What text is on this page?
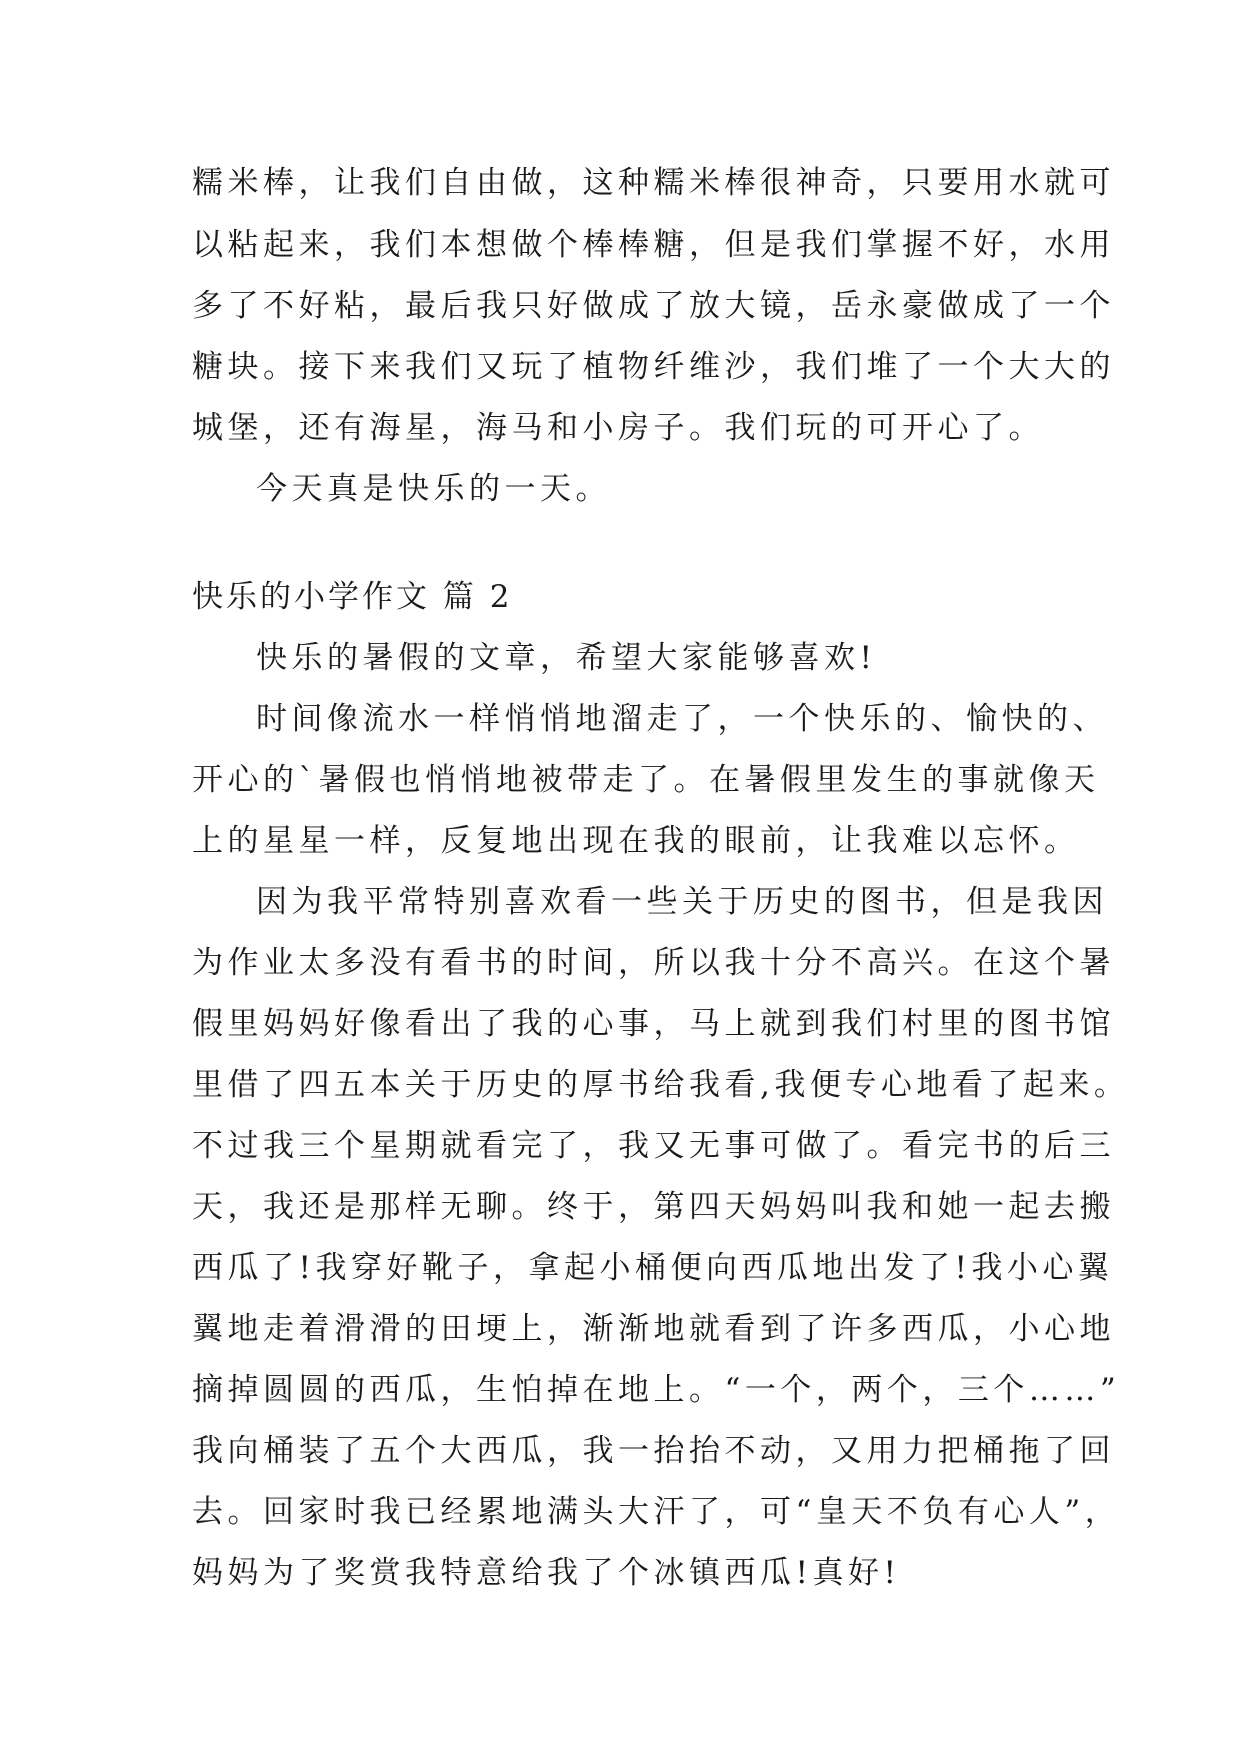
糯米棒，让我们自由做，这种糯米棒很神奇，只要用水就可
以粘起来，我们本想做个棒棒糖，但是我们掌握不好，水用
多了不好粘，最后我只好做成了放大镜，岳永豪做成了一个
糖块。接下来我们又玩了植物纤维沙，我们堆了一个大大的
城堡，还有海星，海马和小房子。我们玩的可开心了。
今天真是快乐的一天。
快乐的小学作文 篇 2
快乐的暑假的文章，希望大家能够喜欢!
时间像流水一样悄悄地溜走了，一个快乐的、愉快的、
开心的`暑假也悄悄地被带走了。在暑假里发生的事就像天
上的星星一样，反复地出现在我的眼前，让我难以忘怀。
因为我平常特别喜欢看一些关于历史的图书，但是我因
为作业太多没有看书的时间，所以我十分不高兴。在这个暑
假里妈妈好像看出了我的心事，马上就到我们村里的图书馆
里借了四五本关于历史的厚书给我看,我便专心地看了起来。
不过我三个星期就看完了，我又无事可做了。看完书的后三
天，我还是那样无聊。终于，第四天妈妈叫我和她一起去搬
西瓜了!我穿好靴子，拿起小桶便向西瓜地出发了!我小心翼
翼地走着滑滑的田埂上，渐渐地就看到了许多西瓜，小心地
摘掉圆圆的西瓜，生怕掉在地上。“一个，两个，三个……”
我向桶装了五个大西瓜，我一抬抬不动，又用力把桶拖了回
去。回家时我已经累地满头大汗了，可“皇天不负有心人”，
妈妈为了奖赏我特意给我了个冰镇西瓜!真好!
